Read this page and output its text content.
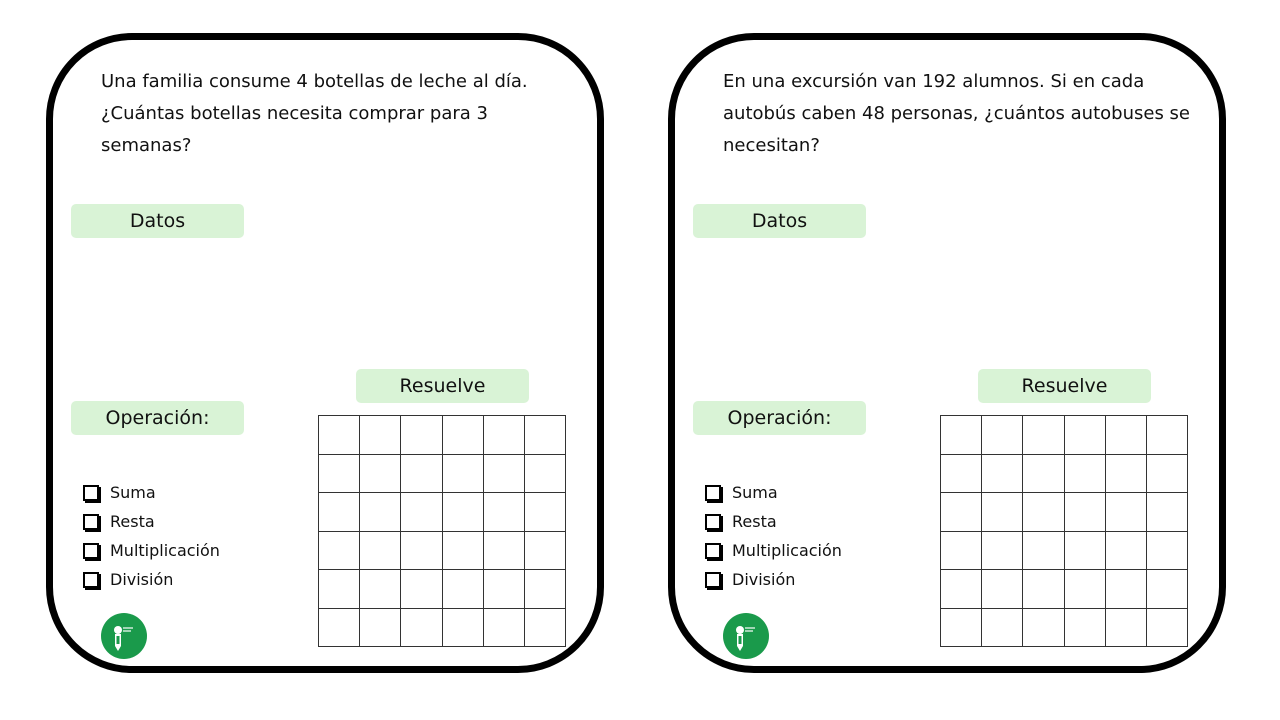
Una familia consume 4 botellas de leche al día. ¿Cuántas botellas necesita comprar para 3 semanas?

Datos
Resuelve
Operación:
Suma
Resta
Multiplicación
División

En una excursión van 192 alumnos. Si en cada autobús caben 48 personas, ¿cuántos autobuses se necesitan?

Datos
Resuelve
Operación:
Suma
Resta
Multiplicación
División
